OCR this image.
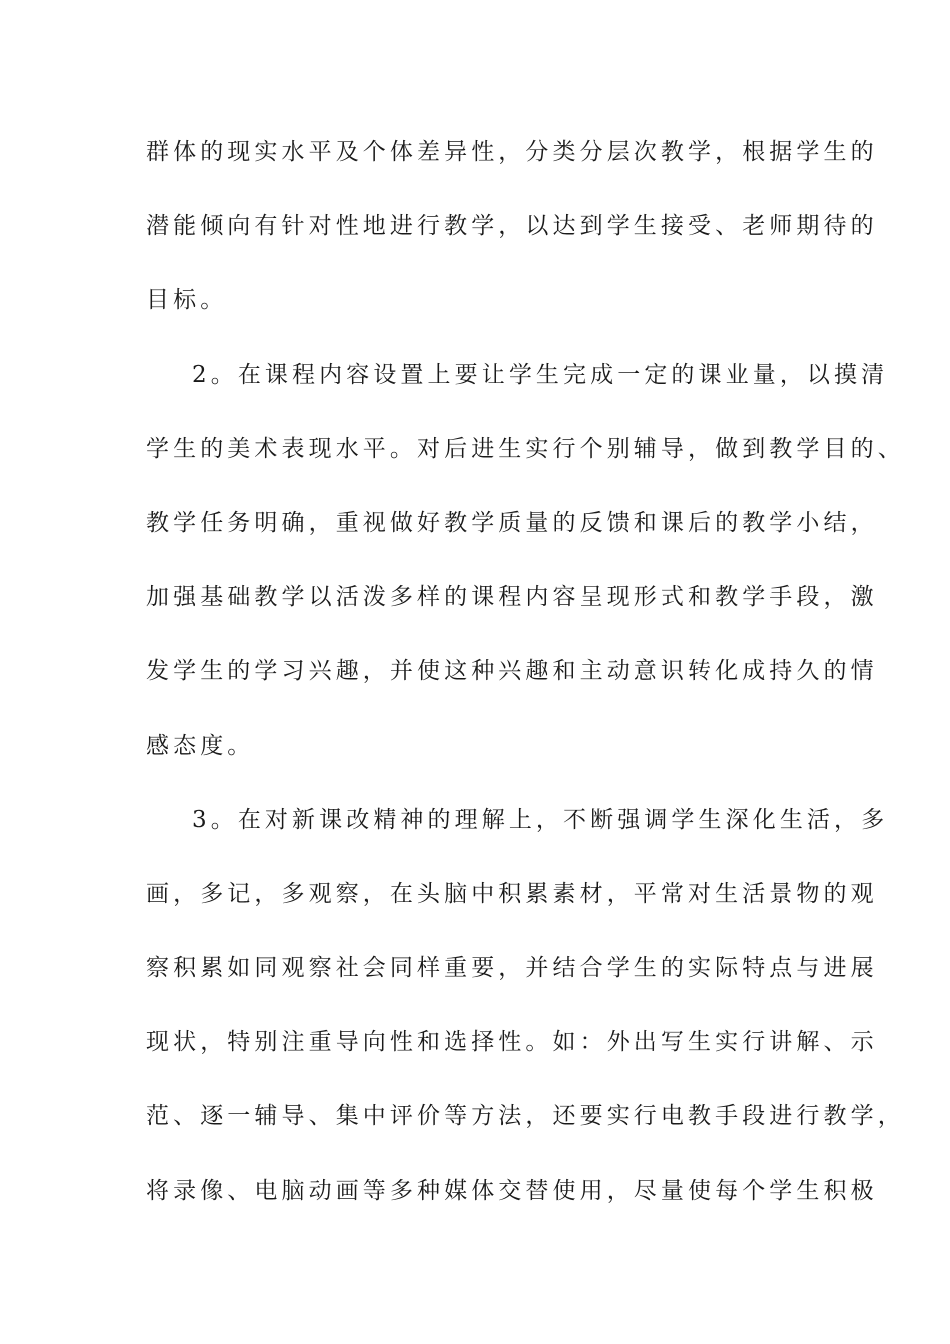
群体的现实水平及个体差异性，分类分层次教学，根据学生的
潜能倾向有针对性地进行教学，以达到学生接受、老师期待的
目标。
2。在课程内容设置上要让学生完成一定的课业量，以摸清
学生的美术表现水平。对后进生实行个别辅导，做到教学目的、
教学任务明确，重视做好教学质量的反馈和课后的教学小结，
加强基础教学以活泼多样的课程内容呈现形式和教学手段，激
发学生的学习兴趣，并使这种兴趣和主动意识转化成持久的情
感态度。
3。在对新课改精神的理解上，不断强调学生深化生活，多
画，多记，多观察，在头脑中积累素材，平常对生活景物的观
察积累如同观察社会同样重要，并结合学生的实际特点与进展
现状，特别注重导向性和选择性。如：外出写生实行讲解、示
范、逐一辅导、集中评价等方法，还要实行电教手段进行教学，
将录像、电脑动画等多种媒体交替使用，尽量使每个学生积极
